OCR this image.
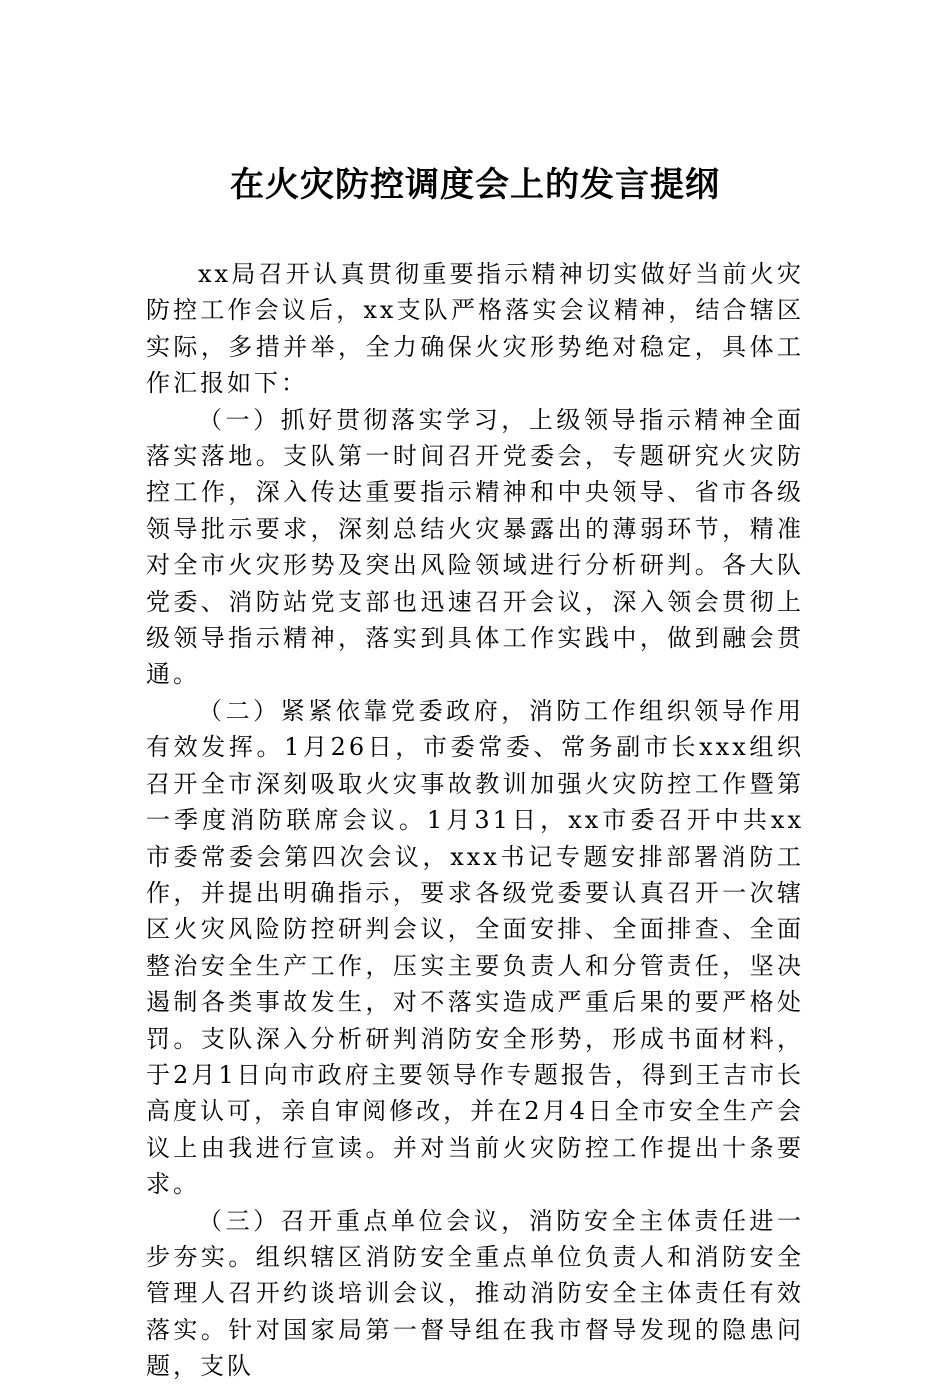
在火灾防控调度会上的发言提纲

xx局召开认真贯彻重要指示精神切实做好当前火灾防控工作会议后，xx支队严格落实会议精神，结合辖区实际，多措并举，全力确保火灾形势绝对稳定，具体工作汇报如下：

（一）抓好贯彻落实学习，上级领导指示精神全面落实落地。支队第一时间召开党委会，专题研究火灾防控工作，深入传达重要指示精神和中央领导、省市各级领导批示要求，深刻总结火灾暴露出的薄弱环节，精准对全市火灾形势及突出风险领域进行分析研判。各大队党委、消防站党支部也迅速召开会议，深入领会贯彻上级领导指示精神，落实到具体工作实践中，做到融会贯通。

（二）紧紧依靠党委政府，消防工作组织领导作用有效发挥。1月26日，市委常委、常务副市长xxx组织召开全市深刻吸取火灾事故教训加强火灾防控工作暨第一季度消防联席会议。1月31日，xx市委召开中共xx市委常委会第四次会议，xxx书记专题安排部署消防工作，并提出明确指示，要求各级党委要认真召开一次辖区火灾风险防控研判会议，全面安排、全面排查、全面整治安全生产工作，压实主要负责人和分管责任，坚决遏制各类事故发生，对不落实造成严重后果的要严格处罚。支队深入分析研判消防安全形势，形成书面材料，于2月1日向市政府主要领导作专题报告，得到王吉市长高度认可，亲自审阅修改，并在2月4日全市安全生产会议上由我进行宣读。并对当前火灾防控工作提出十条要求。

（三）召开重点单位会议，消防安全主体责任进一步夯实。组织辖区消防安全重点单位负责人和消防安全管理人召开约谈培训会议，推动消防安全主体责任有效落实。针对国家局第一督导组在我市督导发现的隐患问题，支队
